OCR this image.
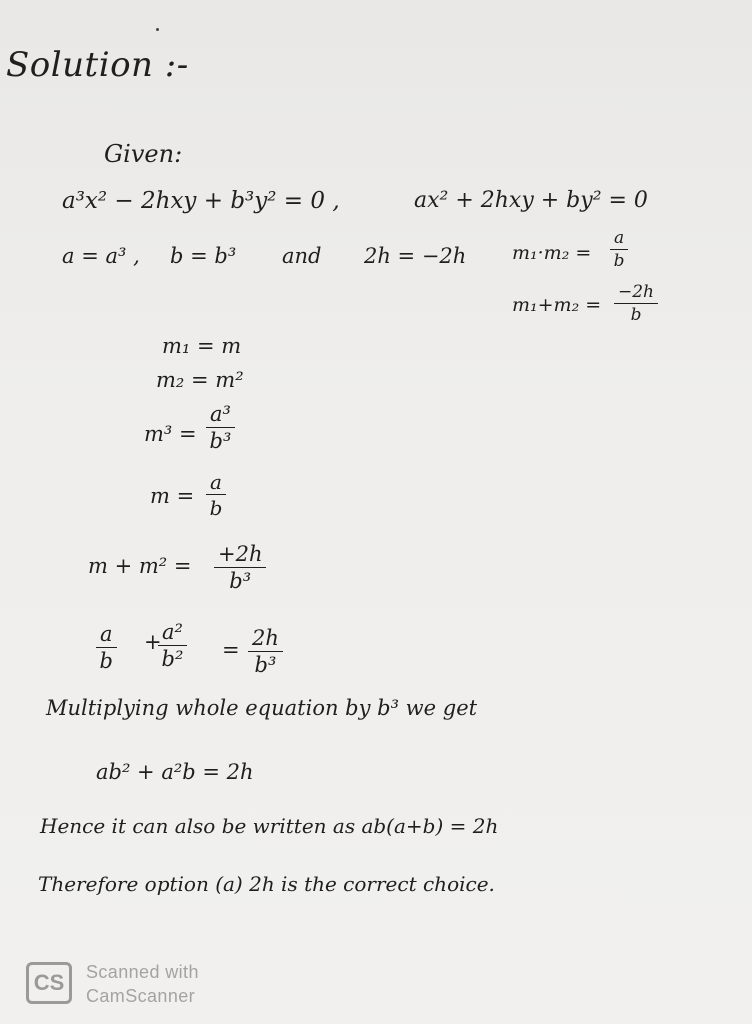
Solution :-
Given:
a³x² − 2hxy + b³y² = 0 ,	ax² + 2hxy + by² = 0
a = a³ , b = b³ and 2h = −2h $m_1\cdot m_2 = \frac{a}{b}$
$m_1+m_2 = \frac{-2h}{b}$
m₁ = m
m₂ = m²
$m^3 = \frac{\text{a³}}{\text{b³}}$
$m = \frac{a}{b}$
$m + m^2 = \frac{+2h}{\text{b³}}$
$\frac{a}{b}$ +
$\frac{\text{a²}}{\text{b²}} = \frac{2h}{\text{b³}}$
Multiplying whole equation by b³ we get
ab² + a²b = 2h
Hence it can also be written as ab(a+b) = 2h
Therefore option (a) 2h is the correct choice.
CS	Scanned with
CamScanner
